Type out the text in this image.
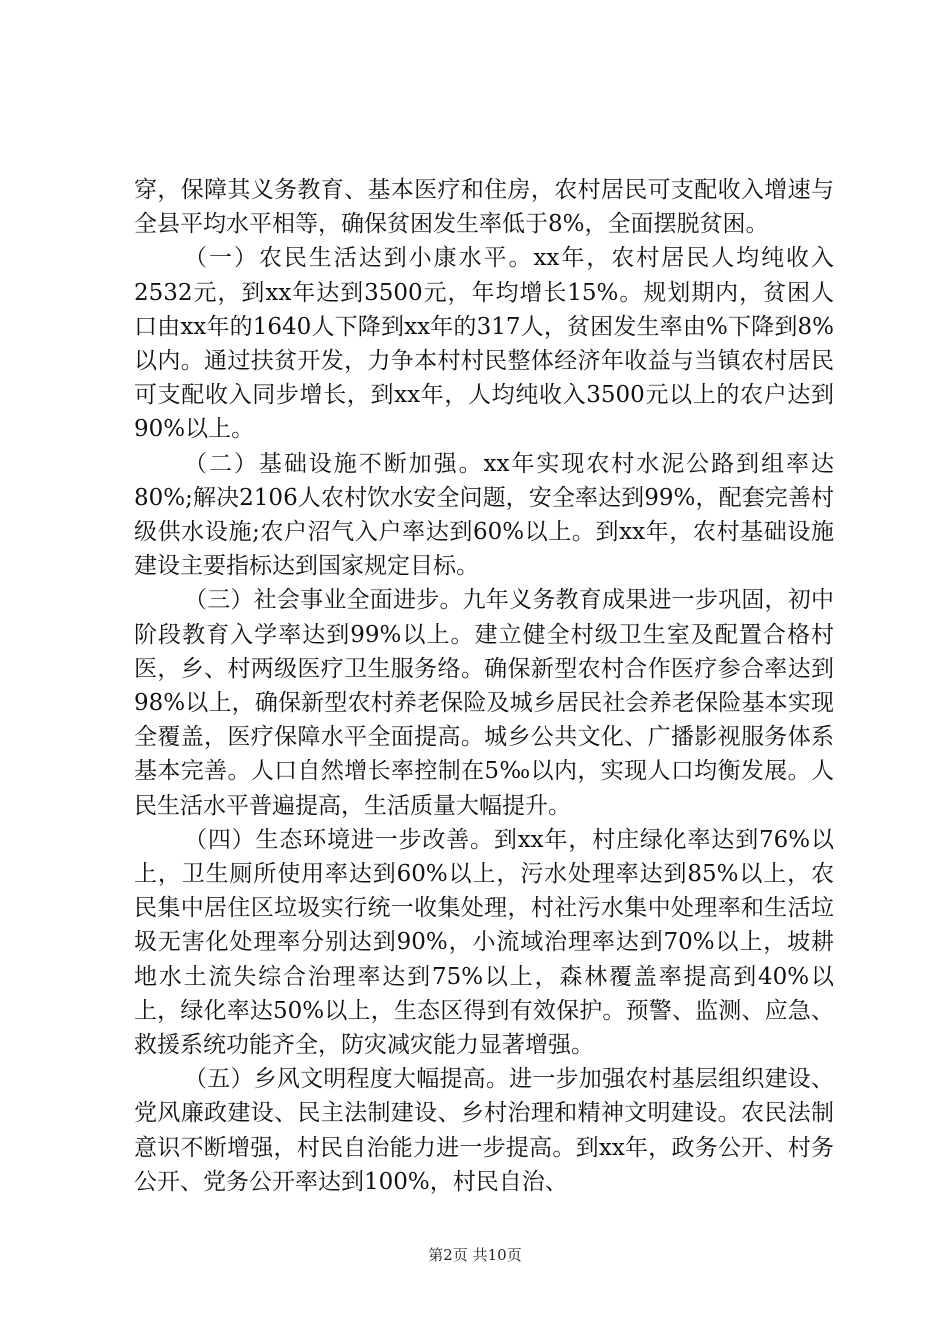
穿，保障其义务教育、基本医疗和住房，农村居民可支配收入增速与全县平均水平相等，确保贫困发生率低于8%，全面摆脱贫困。

（一）农民生活达到小康水平。xx年，农村居民人均纯收入2532元，到xx年达到3500元，年均增长15%。规划期内，贫困人口由xx年的1640人下降到xx年的317人，贫困发生率由%下降到8%以内。通过扶贫开发，力争本村村民整体经济年收益与当镇农村居民可支配收入同步增长，到xx年，人均纯收入3500元以上的农户达到90%以上。

（二）基础设施不断加强。xx年实现农村水泥公路到组率达80%;解决2106人农村饮水安全问题，安全率达到99%，配套完善村级供水设施;农户沼气入户率达到60%以上。到xx年，农村基础设施建设主要指标达到国家规定目标。

（三）社会事业全面进步。九年义务教育成果进一步巩固，初中阶段教育入学率达到99%以上。建立健全村级卫生室及配置合格村医，乡、村两级医疗卫生服务络。确保新型农村合作医疗参合率达到98%以上，确保新型农村养老保险及城乡居民社会养老保险基本实现全覆盖，医疗保障水平全面提高。城乡公共文化、广播影视服务体系基本完善。人口自然增长率控制在5‰以内，实现人口均衡发展。人民生活水平普遍提高，生活质量大幅提升。

（四）生态环境进一步改善。到xx年，村庄绿化率达到76%以上，卫生厕所使用率达到60%以上，污水处理率达到85%以上，农民集中居住区垃圾实行统一收集处理，村社污水集中处理率和生活垃圾无害化处理率分别达到90%，小流域治理率达到70%以上，坡耕地水土流失综合治理率达到75%以上，森林覆盖率提高到40%以上，绿化率达50%以上，生态区得到有效保护。预警、监测、应急、救援系统功能齐全，防灾减灾能力显著增强。

（五）乡风文明程度大幅提高。进一步加强农村基层组织建设、党风廉政建设、民主法制建设、乡村治理和精神文明建设。农民法制意识不断增强，村民自治能力进一步提高。到xx年，政务公开、村务公开、党务公开率达到100%，村民自治、

第2页 共10页
